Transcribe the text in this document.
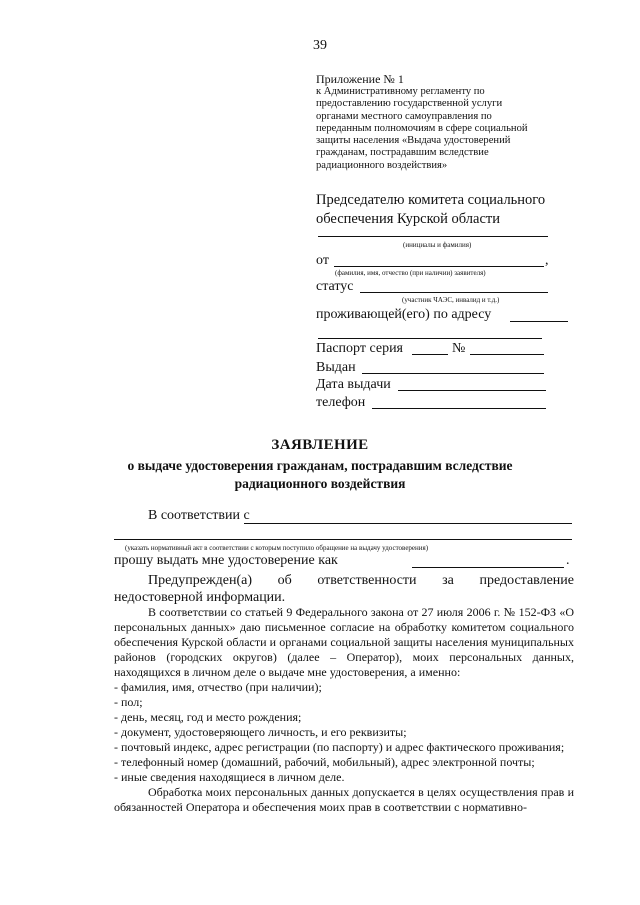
39
Приложение № 1
к Административному регламенту по
предоставлению государственной услуги
органами местного самоуправления по
переданным полномочиям в сфере социальной
защиты населения «Выдача удостоверений
гражданам, пострадавшим вследствие
радиационного воздействия»
Председателю комитета социального
обеспечения Курской области
(инициалы и фамилия)
от	,
(фамилия, имя, отчество (при наличии) заявителя)
статус
(участник ЧАЭС, инвалид и т.д.)
проживающей(его) по адресу
Паспорт серия	№
Выдан
Дата выдачи
телефон
ЗАЯВЛЕНИЕ
о выдаче удостоверения гражданам, пострадавшим вследствие
радиационного воздействия
В соответствии с
(указать нормативный акт в соответствии с которым поступило обращение на выдачу удостоверения)
прошу выдать мне удостоверение как	.
Предупрежден(а) об ответственности за предоставление
недостоверной информации.
В соответствии со статьей 9 Федерального закона от 27 июля 2006 г. № 152-ФЗ «О персональных данных» даю письменное согласие на обработку комитетом социального обеспечения Курской области и органами социальной защиты населения муниципальных районов (городских округов) (далее – Оператор), моих персональных данных, находящихся в личном деле о выдаче мне удостоверения, а именно:
- фамилия, имя, отчество (при наличии);
- пол;
- день, месяц, год и место рождения;
- документ, удостоверяющего личность, и его реквизиты;
- почтовый индекс, адрес регистрации (по паспорту) и адрес фактического проживания;
- телефонный номер (домашний, рабочий, мобильный), адрес электронной почты;
- иные сведения находящиеся в личном деле.
Обработка моих персональных данных допускается в целях осуществления прав и обязанностей Оператора и обеспечения моих прав в соответствии с нормативно-
